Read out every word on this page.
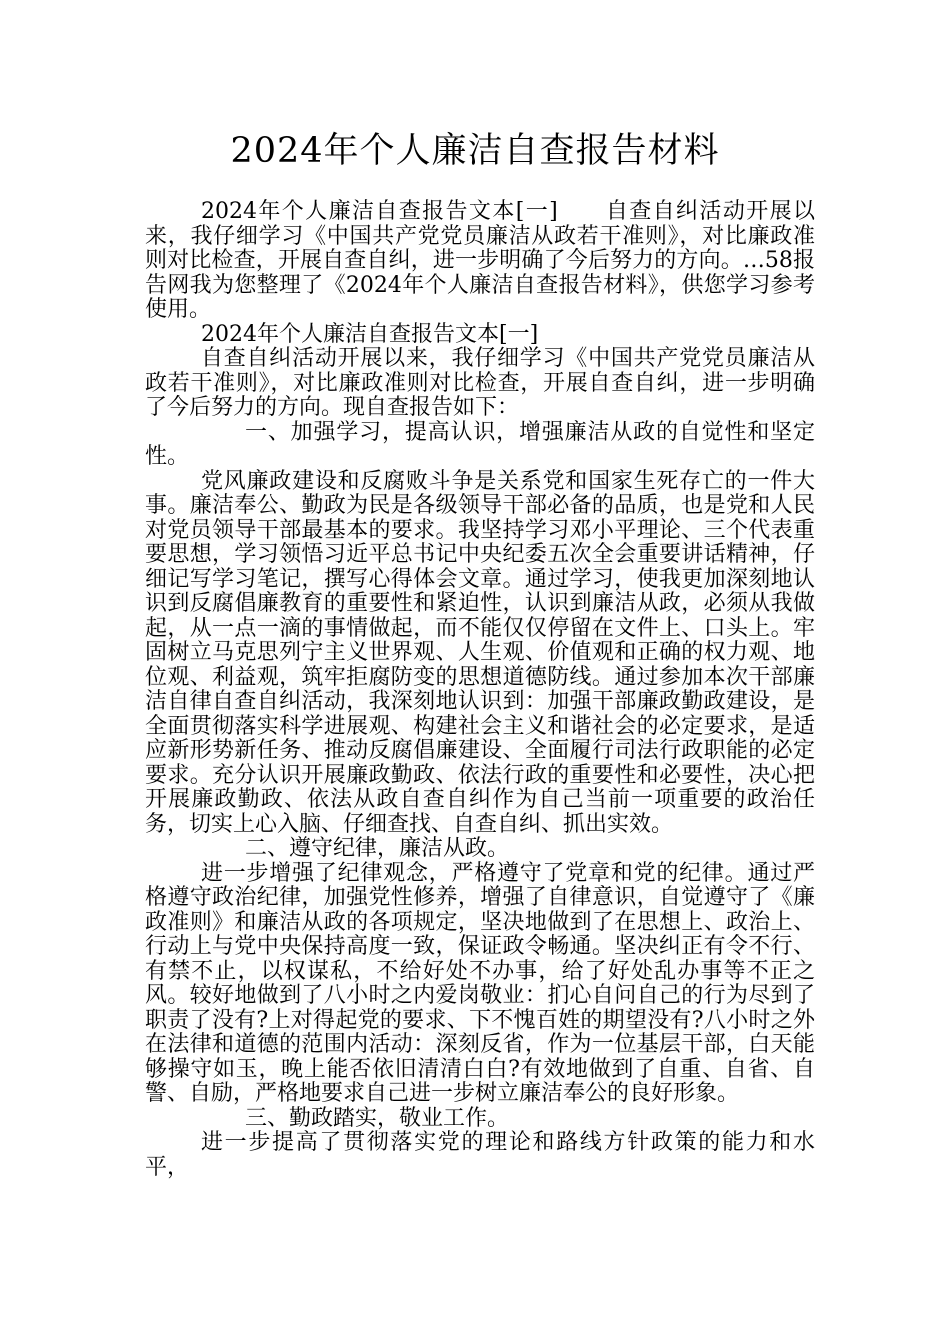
2024年个人廉洁自查报告材料

2024年个人廉洁自查报告文本[一]　　自查自纠活动开展以来，我仔细学习《中国共产党党员廉洁从政若干准则》，对比廉政准则对比检查，开展自查自纠，进一步明确了今后努力的方向。…58报告网我为您整理了《2024年个人廉洁自查报告材料》，供您学习参考使用。

2024年个人廉洁自查报告文本[一]

自查自纠活动开展以来，我仔细学习《中国共产党党员廉洁从政若干准则》，对比廉政准则对比检查，开展自查自纠，进一步明确了今后努力的方向。现自查报告如下：

一、加强学习，提高认识，增强廉洁从政的自觉性和坚定性。

党风廉政建设和反腐败斗争是关系党和国家生死存亡的一件大事。廉洁奉公、勤政为民是各级领导干部必备的品质，也是党和人民对党员领导干部最基本的要求。我坚持学习邓小平理论、三个代表重要思想，学习领悟习近平总书记中央纪委五次全会重要讲话精神，仔细记写学习笔记，撰写心得体会文章。通过学习，使我更加深刻地认识到反腐倡廉教育的重要性和紧迫性，认识到廉洁从政，必须从我做起，从一点一滴的事情做起，而不能仅仅停留在文件上、口头上。牢固树立马克思列宁主义世界观、人生观、价值观和正确的权力观、地位观、利益观，筑牢拒腐防变的思想道德防线。通过参加本次干部廉洁自律自查自纠活动，我深刻地认识到：加强干部廉政勤政建设，是全面贯彻落实科学进展观、构建社会主义和谐社会的必定要求，是适应新形势新任务、推动反腐倡廉建设、全面履行司法行政职能的必定要求。充分认识开展廉政勤政、依法行政的重要性和必要性，决心把开展廉政勤政、依法从政自查自纠作为自己当前一项重要的政治任务，切实上心入脑、仔细查找、自查自纠、抓出实效。

二、遵守纪律，廉洁从政。

进一步增强了纪律观念，严格遵守了党章和党的纪律。通过严格遵守政治纪律，加强党性修养，增强了自律意识，自觉遵守了《廉政准则》和廉洁从政的各项规定，坚决地做到了在思想上、政治上、行动上与党中央保持高度一致，保证政令畅通。坚决纠正有令不行、有禁不止，以权谋私，不给好处不办事，给了好处乱办事等不正之风。较好地做到了八小时之内爱岗敬业：扪心自问自己的行为尽到了职责了没有?上对得起党的要求、下不愧百姓的期望没有?八小时之外在法律和道德的范围内活动：深刻反省，作为一位基层干部，白天能够操守如玉，晚上能否依旧清清白白?有效地做到了自重、自省、自警、自励，严格地要求自己进一步树立廉洁奉公的良好形象。

三、勤政踏实，敬业工作。

进一步提高了贯彻落实党的理论和路线方针政策的能力和水平，
